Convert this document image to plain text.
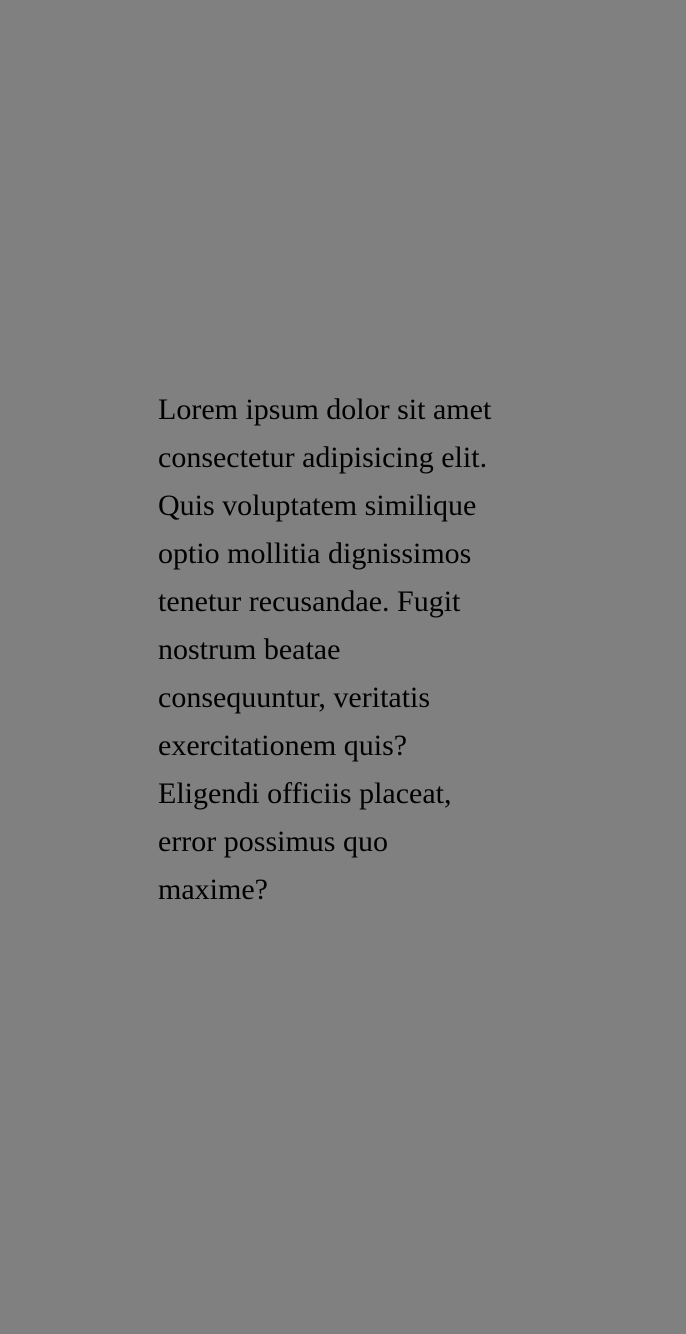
Lorem ipsum dolor sit amet
consectetur adipisicing elit.
Quis voluptatem similique
optio mollitia dignissimos
tenetur recusandae. Fugit
nostrum beatae
consequuntur, veritatis
exercitationem quis?
Eligendi officiis placeat,
error possimus quo
maxime?
